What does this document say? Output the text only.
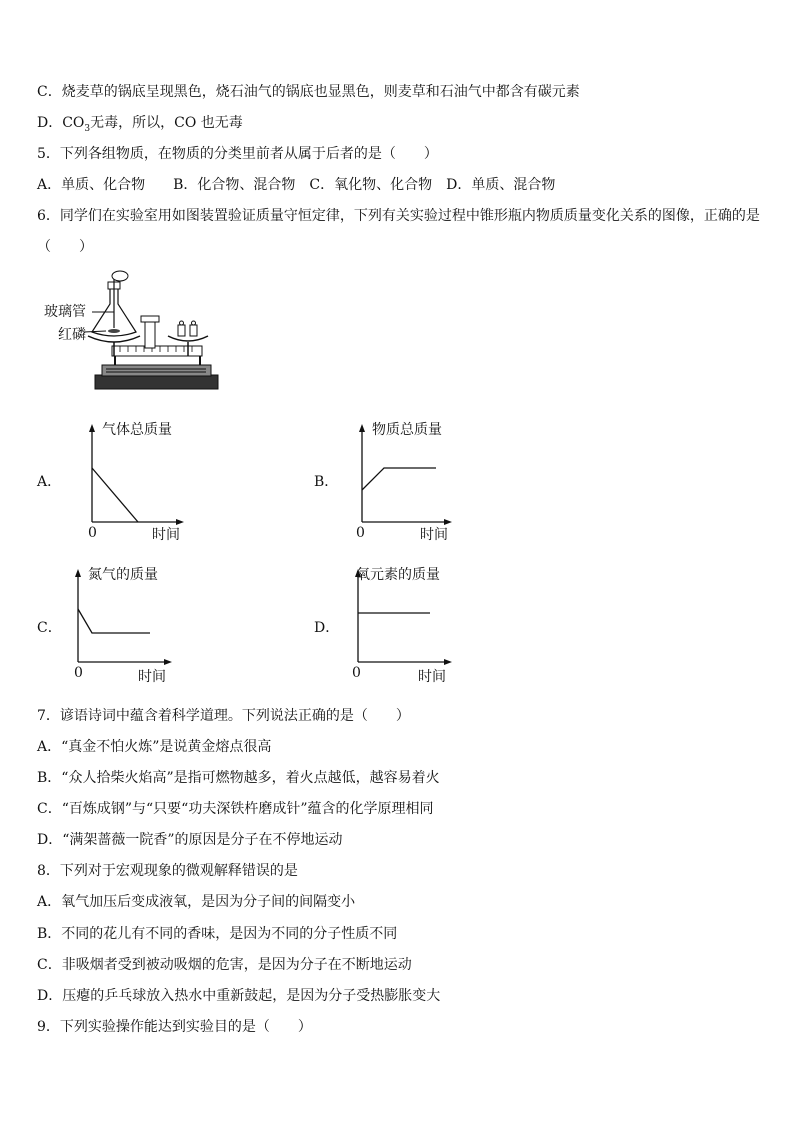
C．烧麦草的锅底呈现黑色，烧石油气的锅底也显黑色，则麦草和石油气中都含有碳元素
D．$CO_3$无毒，所以，CO 也无毒
5．下列各组物质，在物质的分类里前者从属于后者的是（　　）
A．单质、化合物　　B．化合物、混合物　C．氧化物、化合物　D．单质、混合物
6．同学们在实验室用如图装置验证质量守恒定律，下列有关实验过程中锥形瓶内物质质量变化关系的图像，正确的是
（　　）
玻璃管
红磷
A．
气体总质量
0	时间
B．
物质总质量
0	时间
C．
氮气的质量
0	时间
D．
氧元素的质量
0	时间
7．谚语诗词中蕴含着科学道理。下列说法正确的是（　　）
A．“真金不怕火炼”是说黄金熔点很高
B．“众人拾柴火焰高”是指可燃物越多，着火点越低，越容易着火
C．“百炼成钢”与“只要“功夫深铁杵磨成针”蕴含的化学原理相同
D．“满架蔷薇一院香”的原因是分子在不停地运动
8．下列对于宏观现象的微观解释错误的是
A．氧气加压后变成液氧，是因为分子间的间隔变小
B．不同的花儿有不同的香味，是因为不同的分子性质不同
C．非吸烟者受到被动吸烟的危害，是因为分子在不断地运动
D．压瘪的乒乓球放入热水中重新鼓起，是因为分子受热膨胀变大
9．下列实验操作能达到实验目的是（　　）
